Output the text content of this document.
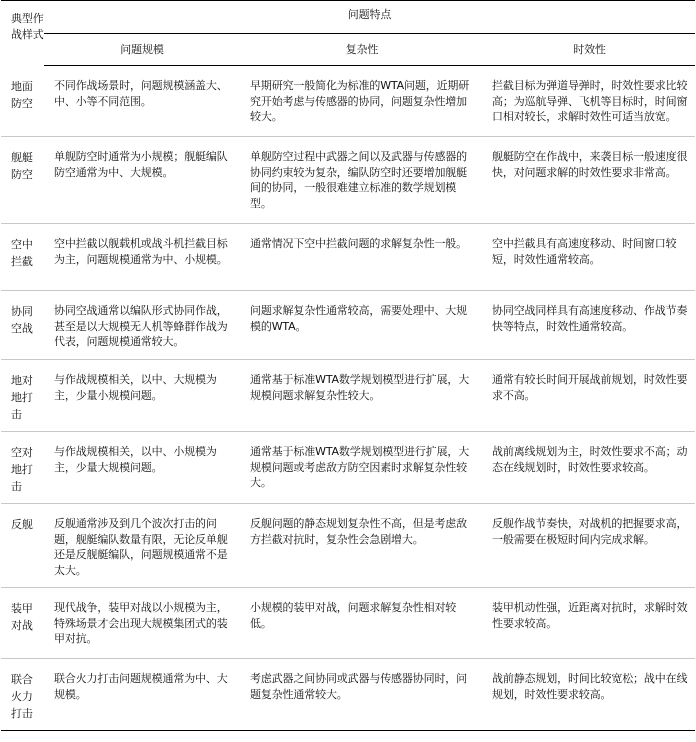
典型作战样式	问题特点		
	问题规模	复杂性	时效性
地面防空	不同作战场景时，问题规模涵盖大、中、小等不同范围。	早期研究一般简化为标准的WTA问题，近期研究开始考虑与传感器的协同，问题复杂性增加较大。	拦截目标为弹道导弹时，时效性要求比较高；为巡航导弹、飞机等目标时，时间窗口相对较长，求解时效性可适当放宽。
舰艇防空	单舰防空时通常为小规模；舰艇编队防空通常为中、大规模。	单舰防空过程中武器之间以及武器与传感器的协同约束较为复杂，编队防空时还要增加舰艇间的协同，一般很难建立标准的数学规划模型。	舰艇防空在作战中，来袭目标一般速度很快，对问题求解的时效性要求非常高。
空中拦截	空中拦截以舰载机或战斗机拦截目标为主，问题规模通常为中、小规模。	通常情况下空中拦截问题的求解复杂性一般。	空中拦截具有高速度移动、时间窗口较短，时效性通常较高。
协同空战	协同空战通常以编队形式协同作战，甚至是以大规模无人机等蜂群作战为代表，问题规模通常较大。	问题求解复杂性通常较高，需要处理中、大规模的WTA。	协同空战同样具有高速度移动、作战节奏快等特点，时效性通常较高。
地对地打击	与作战规模相关，以中、大规模为主，少量小规模问题。	通常基于标准WTA数学规划模型进行扩展，大规模问题求解复杂性较大。	通常有较长时间开展战前规划，时效性要求不高。
空对地打击	与作战规模相关，以中、小规模为主，少量大规模问题。	通常基于标准WTA数学规划模型进行扩展，大规模问题或考虑敌方防空因素时求解复杂性较大。	战前离线规划为主，时效性要求不高；动态在线规划时，时效性要求较高。
反舰	反舰通常涉及到几个波次打击的问题，舰艇编队数量有限，无论反单舰还是反舰艇编队，问题规模通常不是太大。	反舰问题的静态规划复杂性不高，但是考虑敌方拦截对抗时，复杂性会急剧增大。	反舰作战节奏快，对战机的把握要求高，一般需要在极短时间内完成求解。
装甲对战	现代战争，装甲对战以小规模为主，特殊场景才会出现大规模集团式的装甲对抗。	小规模的装甲对战，问题求解复杂性相对较低。	装甲机动性强，近距离对抗时，求解时效性要求较高。
联合火力打击	联合火力打击问题规模通常为中、大规模。	考虑武器之间协同或武器与传感器协同时，问题复杂性通常较大。	战前静态规划，时间比较宽松；战中在线规划，时效性要求较高。
